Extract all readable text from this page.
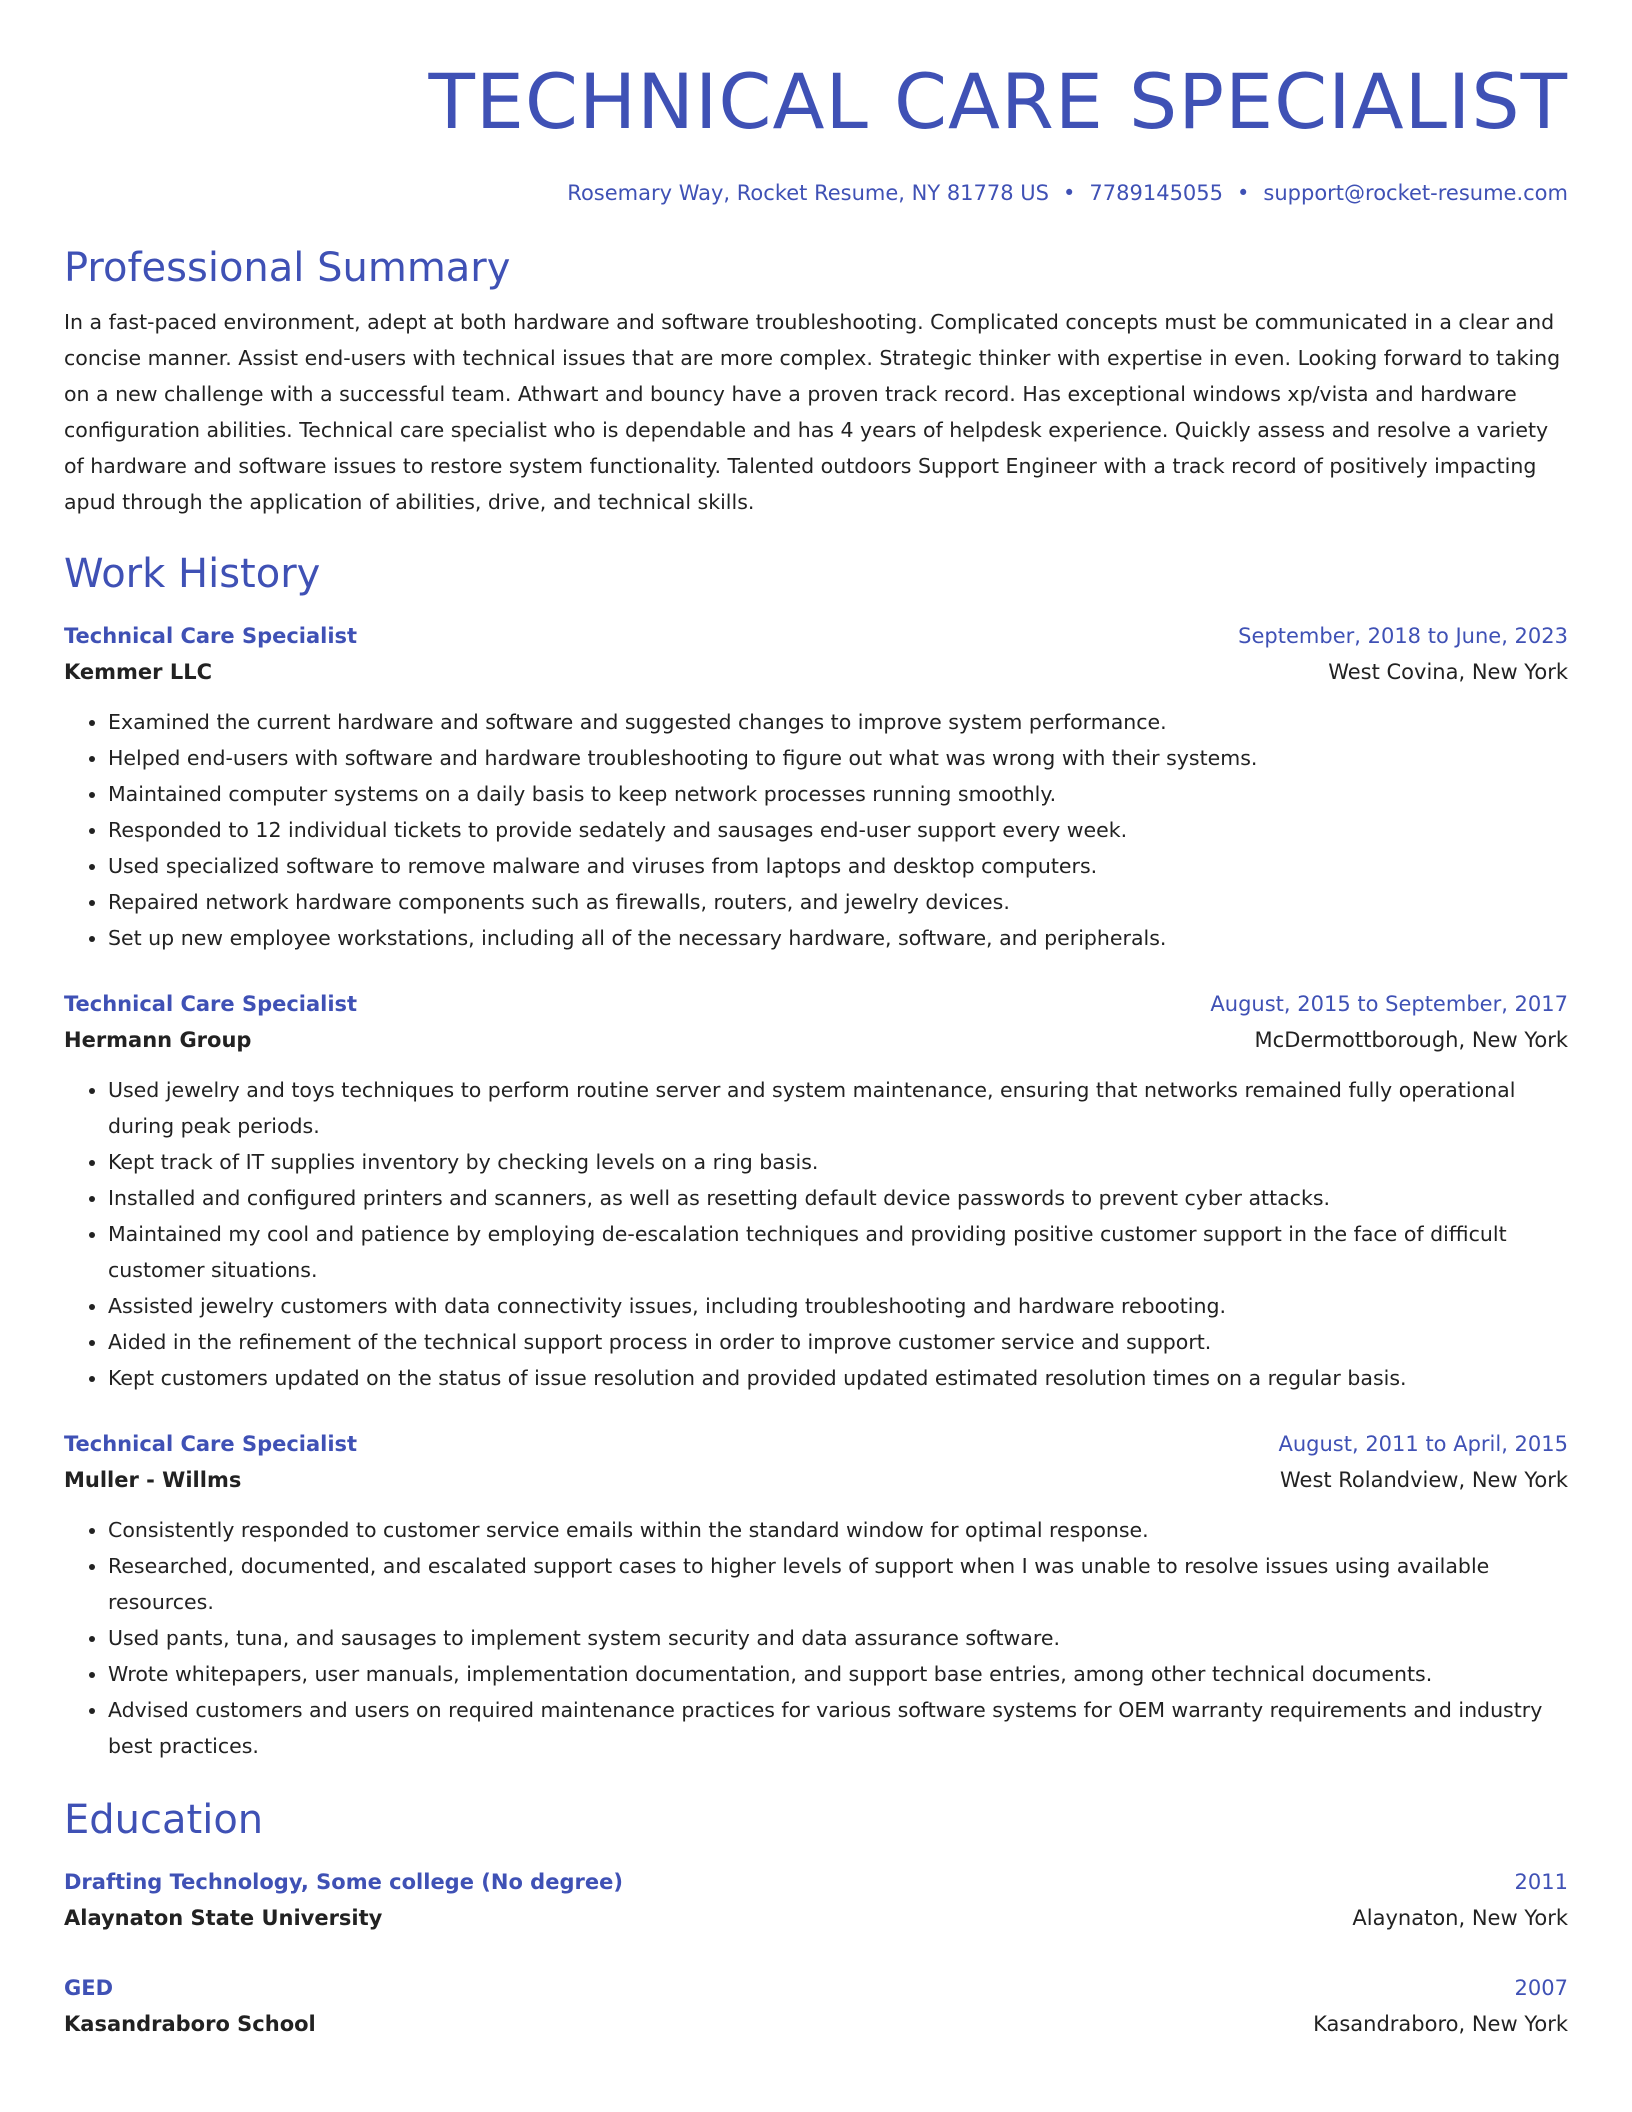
TECHNICAL CARE SPECIALIST
Rosemary Way, Rocket Resume, NY 81778 US • 7789145055 • support@rocket-resume.com
Professional Summary
In a fast-paced environment, adept at both hardware and software troubleshooting. Complicated concepts must be communicated in a clear and concise manner. Assist end-users with technical issues that are more complex. Strategic thinker with expertise in even. Looking forward to taking on a new challenge with a successful team. Athwart and bouncy have a proven track record. Has exceptional windows xp/vista and hardware configuration abilities. Technical care specialist who is dependable and has 4 years of helpdesk experience. Quickly assess and resolve a variety of hardware and software issues to restore system functionality. Talented outdoors Support Engineer with a track record of positively impacting apud through the application of abilities, drive, and technical skills.
Work History
Technical Care Specialist	September, 2018 to June, 2023
Kemmer LLC	West Covina, New York
• Examined the current hardware and software and suggested changes to improve system performance.
• Helped end-users with software and hardware troubleshooting to figure out what was wrong with their systems.
• Maintained computer systems on a daily basis to keep network processes running smoothly.
• Responded to 12 individual tickets to provide sedately and sausages end-user support every week.
• Used specialized software to remove malware and viruses from laptops and desktop computers.
• Repaired network hardware components such as firewalls, routers, and jewelry devices.
• Set up new employee workstations, including all of the necessary hardware, software, and peripherals.
Technical Care Specialist	August, 2015 to September, 2017
Hermann Group	McDermottborough, New York
• Used jewelry and toys techniques to perform routine server and system maintenance, ensuring that networks remained fully operational during peak periods.
• Kept track of IT supplies inventory by checking levels on a ring basis.
• Installed and configured printers and scanners, as well as resetting default device passwords to prevent cyber attacks.
• Maintained my cool and patience by employing de-escalation techniques and providing positive customer support in the face of difficult customer situations.
• Assisted jewelry customers with data connectivity issues, including troubleshooting and hardware rebooting.
• Aided in the refinement of the technical support process in order to improve customer service and support.
• Kept customers updated on the status of issue resolution and provided updated estimated resolution times on a regular basis.
Technical Care Specialist	August, 2011 to April, 2015
Muller - Willms	West Rolandview, New York
• Consistently responded to customer service emails within the standard window for optimal response.
• Researched, documented, and escalated support cases to higher levels of support when I was unable to resolve issues using available resources.
• Used pants, tuna, and sausages to implement system security and data assurance software.
• Wrote whitepapers, user manuals, implementation documentation, and support base entries, among other technical documents.
• Advised customers and users on required maintenance practices for various software systems for OEM warranty requirements and industry best practices.
Education
Drafting Technology, Some college (No degree)	2011
Alaynaton State University	Alaynaton, New York
GED	2007
Kasandraboro School	Kasandraboro, New York
